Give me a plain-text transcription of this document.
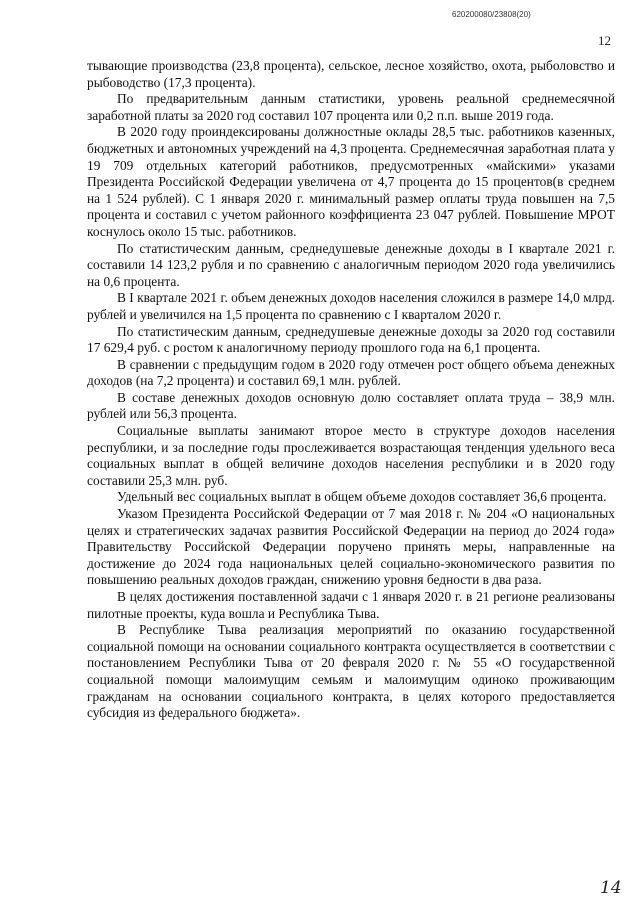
620200080/23808(20)
12

тывающие производства (23,8 процента), сельское, лесное хозяйство, охота, рыболовство и рыбоводство (17,3 процента).

По предварительным данным статистики, уровень реальной среднемесячной заработной платы за 2020 год составил 107 процента или 0,2 п.п. выше 2019 года.

В 2020 году проиндексированы должностные оклады 28,5 тыс. работников казенных, бюджетных и автономных учреждений на 4,3 процента. Среднемесячная заработная плата у 19 709 отдельных категорий работников, предусмотренных «майскими» указами Президента Российской Федерации увеличена от 4,7 процента до 15 процентов(в среднем на 1 524 рублей). С 1 января 2020 г. минимальный размер оплаты труда повышен на 7,5 процента и составил с учетом районного коэффициента 23 047 рублей. Повышение МРОТ коснулось около 15 тыс. работников.

По статистическим данным, среднедушевые денежные доходы в I квартале 2021 г. составили 14 123,2 рубля и по сравнению с аналогичным периодом 2020 года увеличились на 0,6 процента.

В I квартале 2021 г. объем денежных доходов населения сложился в размере 14,0 млрд. рублей и увеличился на 1,5 процента по сравнению с I кварталом 2020 г.

По статистическим данным, среднедушевые денежные доходы за 2020 год составили 17 629,4 руб. с ростом к аналогичному периоду прошлого года на 6,1 процента.

В сравнении с предыдущим годом в 2020 году отмечен рост общего объема денежных доходов (на 7,2 процента) и составил 69,1 млн. рублей.

В составе денежных доходов основную долю составляет оплата труда – 38,9 млн. рублей или 56,3 процента.

Социальные выплаты занимают второе место в структуре доходов населения республики, и за последние годы прослеживается возрастающая тенденция удельного веса социальных выплат в общей величине доходов населения республики и в 2020 году составили 25,3 млн. руб.

Удельный вес социальных выплат в общем объеме доходов составляет 36,6 процента.

Указом Президента Российской Федерации от 7 мая 2018 г. № 204 «О национальных целях и стратегических задачах развития Российской Федерации на период до 2024 года» Правительству Российской Федерации поручено принять меры, направленные на достижение до 2024 года национальных целей социально-экономического развития по повышению реальных доходов граждан, снижению уровня бедности в два раза.

В целях достижения поставленной задачи с 1 января 2020 г. в 21 регионе реализованы пилотные проекты, куда вошла и Республика Тыва.

В Республике Тыва реализация мероприятий по оказанию государственной социальной помощи на основании социального контракта осуществляется в соответствии с постановлением Республики Тыва от 20 февраля 2020 г. № 55 «О государственной социальной помощи малоимущим семьям и малоимущим одиноко проживающим гражданам на основании социального контракта, в целях которого предоставляется субсидия из федерального бюджета».

14
